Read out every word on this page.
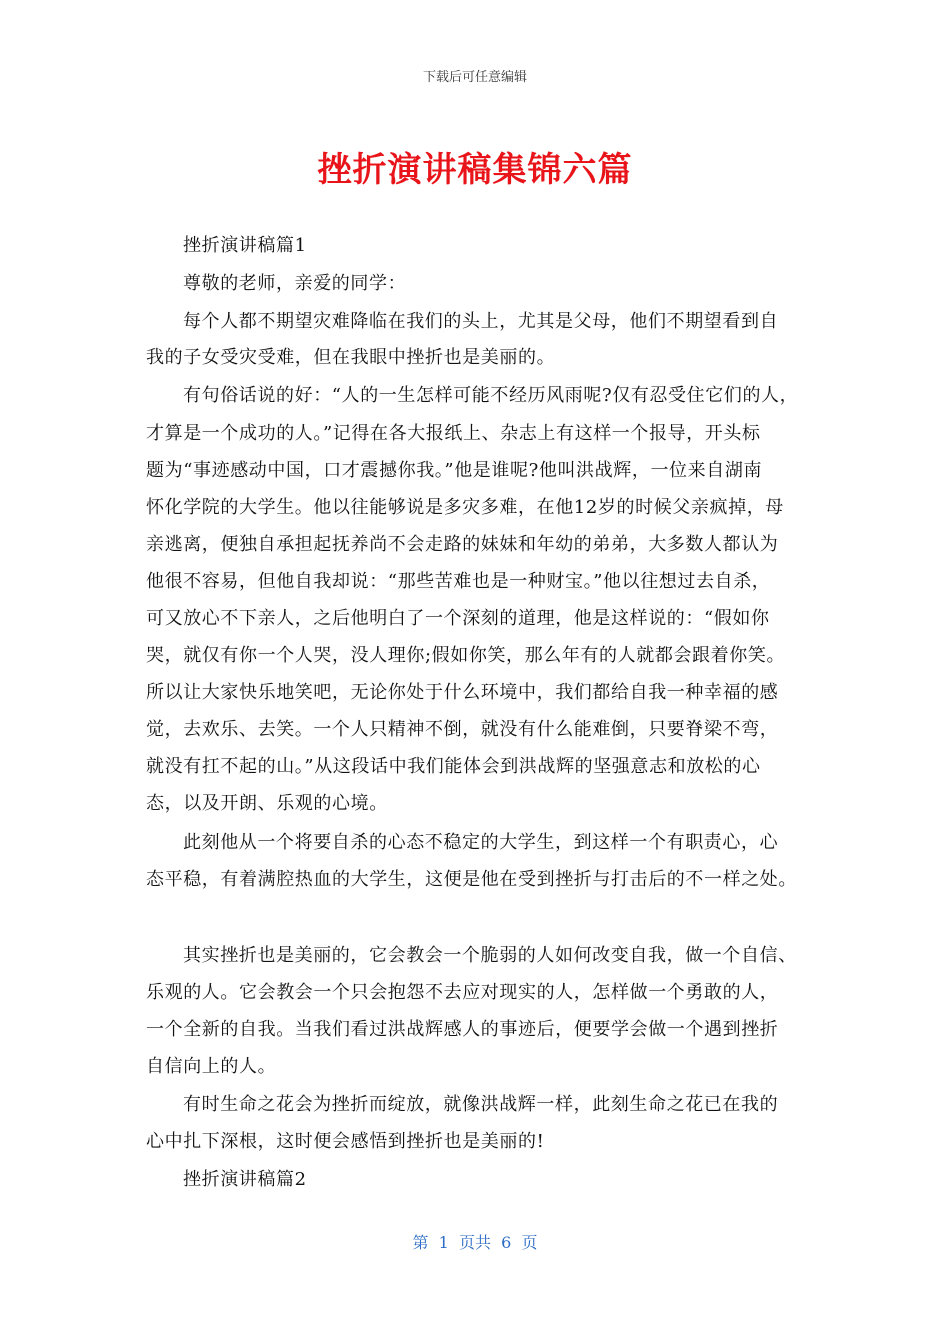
下载后可任意编辑
挫折演讲稿集锦六篇
挫折演讲稿篇1
尊敬的老师，亲爱的同学：
每个人都不期望灾难降临在我们的头上，尤其是父母，他们不期望看到自
我的子女受灾受难，但在我眼中挫折也是美丽的。
有句俗话说的好：“人的一生怎样可能不经历风雨呢?仅有忍受住它们的人，
才算是一个成功的人。”记得在各大报纸上、杂志上有这样一个报导，开头标
题为“事迹感动中国，口才震撼你我。”他是谁呢?他叫洪战辉，一位来自湖南
怀化学院的大学生。他以往能够说是多灾多难，在他12岁的时候父亲疯掉，母
亲逃离，便独自承担起抚养尚不会走路的妹妹和年幼的弟弟，大多数人都认为
他很不容易，但他自我却说：“那些苦难也是一种财宝。”他以往想过去自杀，
可又放心不下亲人，之后他明白了一个深刻的道理，他是这样说的：“假如你
哭，就仅有你一个人哭，没人理你;假如你笑，那么年有的人就都会跟着你笑。
所以让大家快乐地笑吧，无论你处于什么环境中，我们都给自我一种幸福的感
觉，去欢乐、去笑。一个人只精神不倒，就没有什么能难倒，只要脊梁不弯，
就没有扛不起的山。”从这段话中我们能体会到洪战辉的坚强意志和放松的心
态，以及开朗、乐观的心境。
此刻他从一个将要自杀的心态不稳定的大学生，到这样一个有职责心，心
态平稳，有着满腔热血的大学生，这便是他在受到挫折与打击后的不一样之处。
其实挫折也是美丽的，它会教会一个脆弱的人如何改变自我，做一个自信、
乐观的人。它会教会一个只会抱怨不去应对现实的人，怎样做一个勇敢的人，
一个全新的自我。当我们看过洪战辉感人的事迹后，便要学会做一个遇到挫折
自信向上的人。
有时生命之花会为挫折而绽放，就像洪战辉一样，此刻生命之花已在我的
心中扎下深根，这时便会感悟到挫折也是美丽的!
挫折演讲稿篇2
第  1  页共  6  页
